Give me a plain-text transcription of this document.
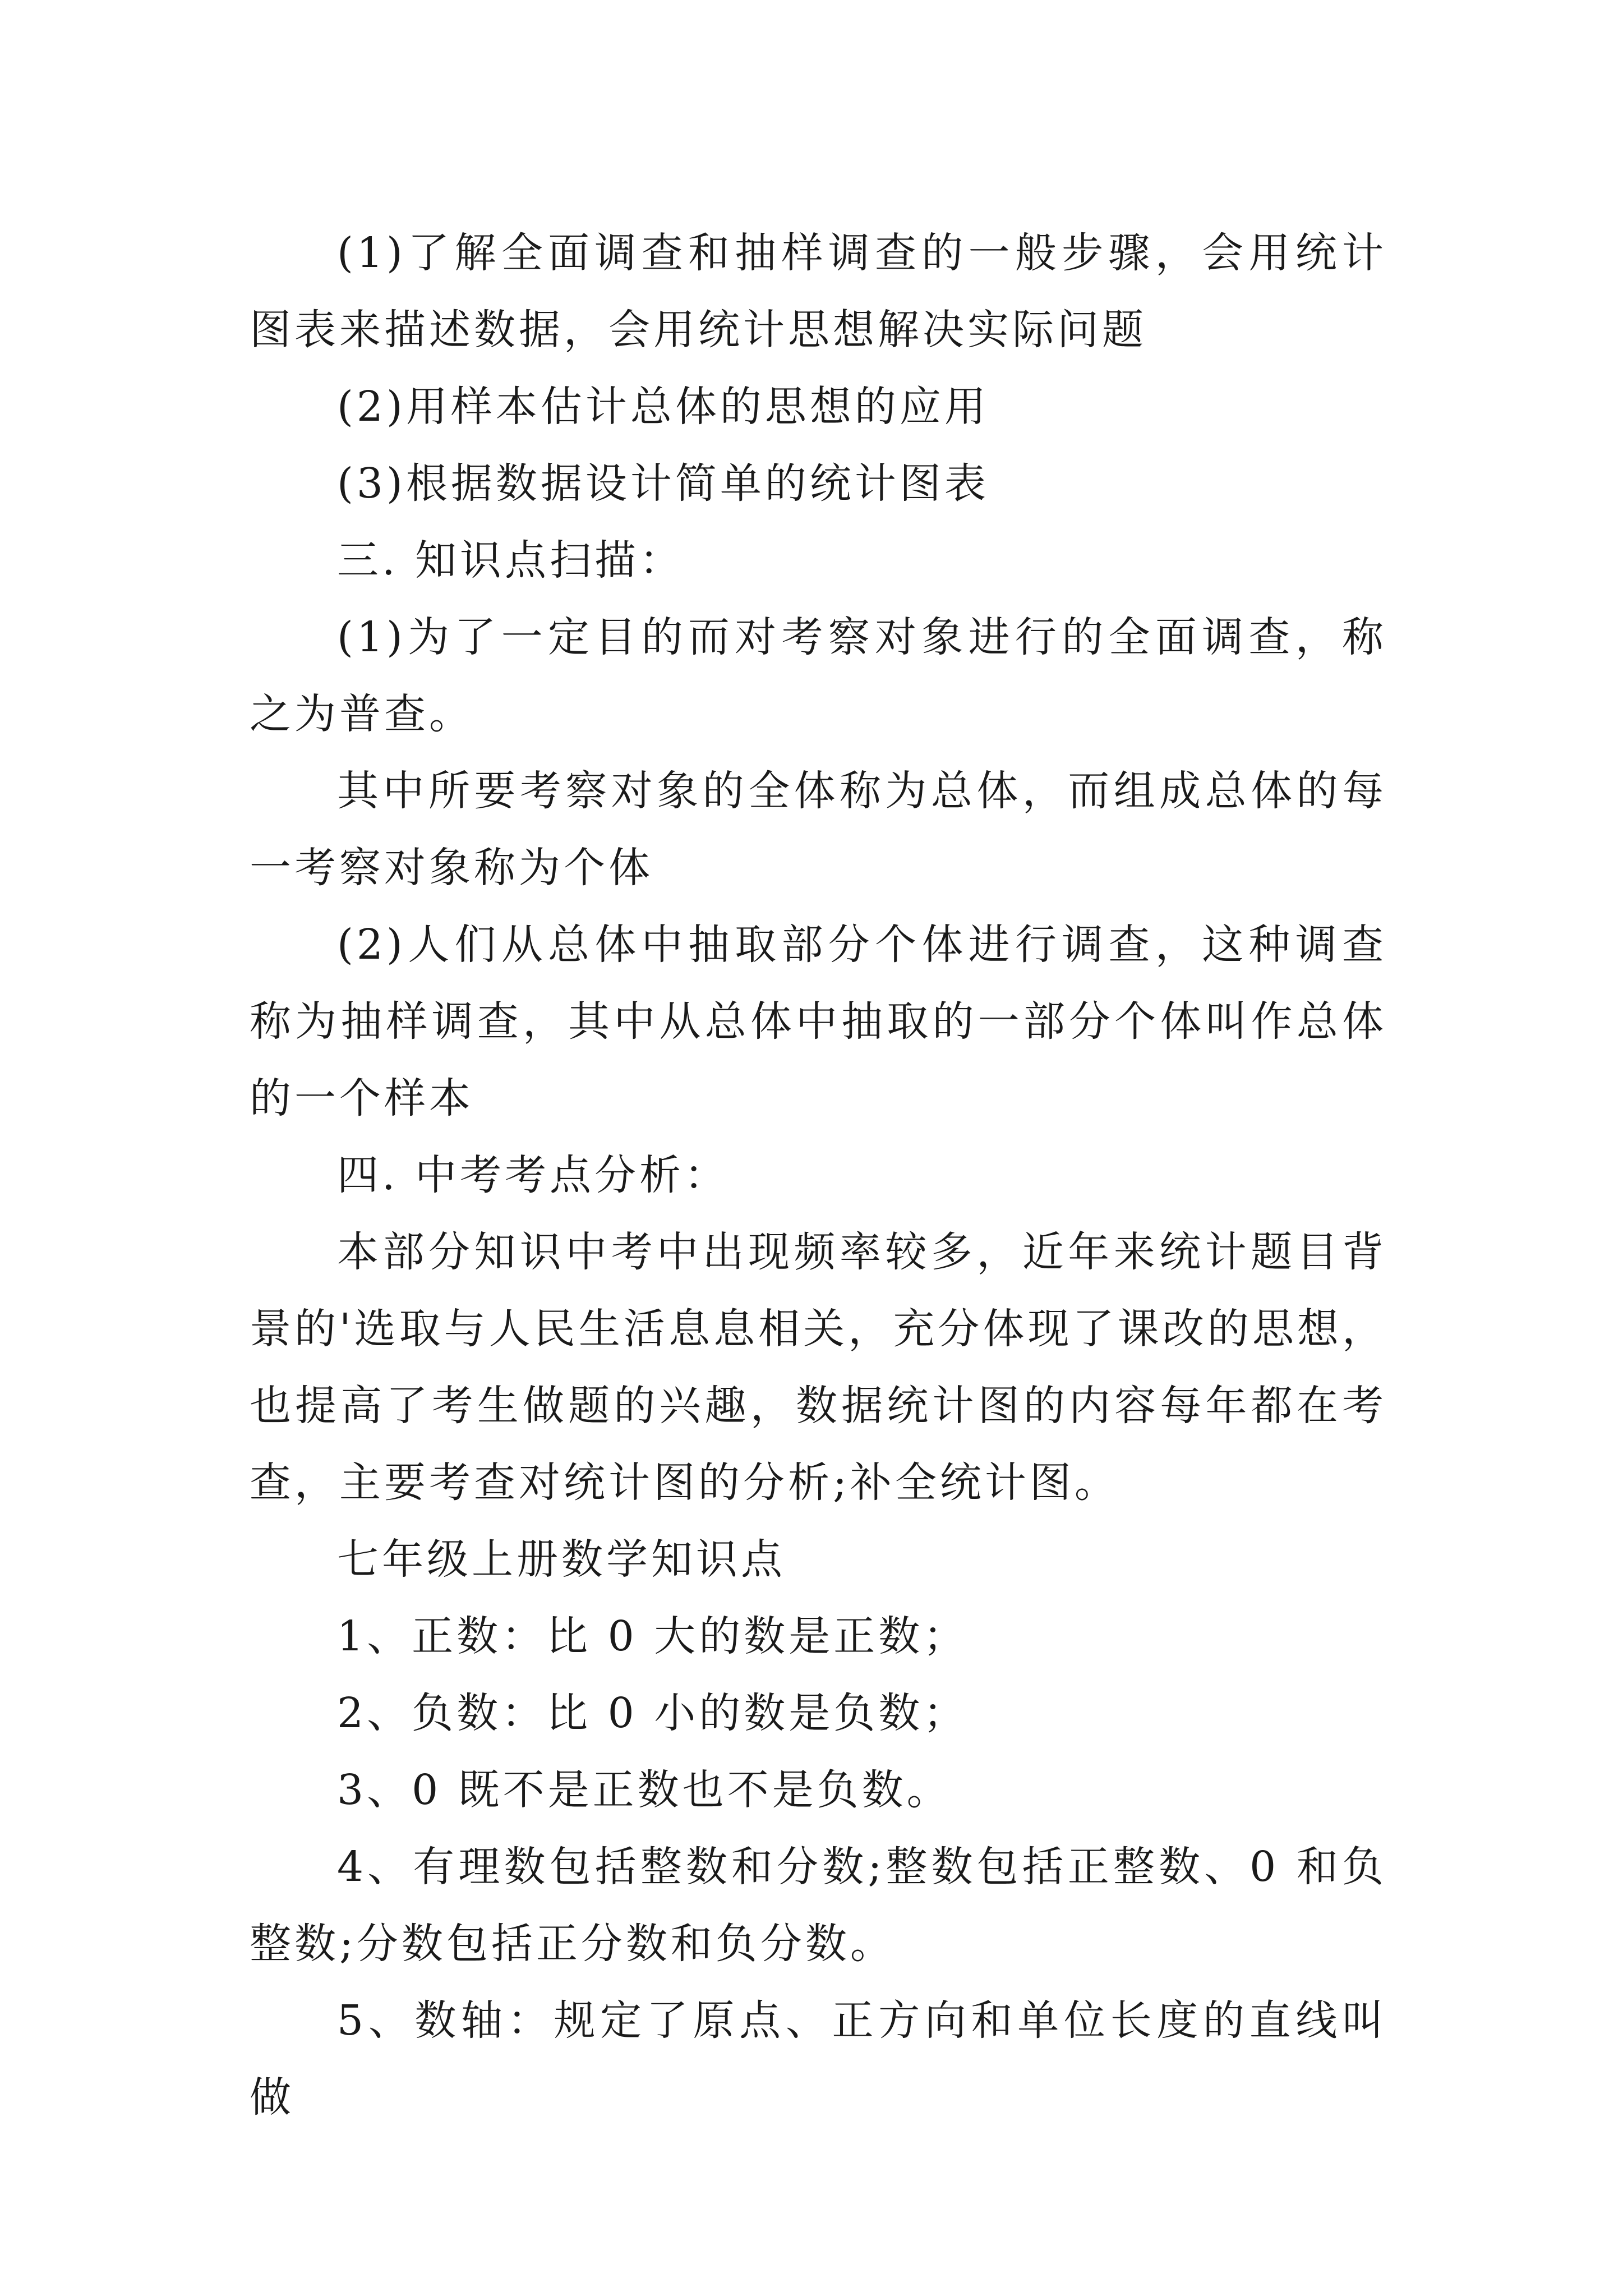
(1)了解全面调查和抽样调查的一般步骤，会用统计图表来描述数据，会用统计思想解决实际问题

(2)用样本估计总体的思想的应用

(3)根据数据设计简单的统计图表

三. 知识点扫描：

(1)为了一定目的而对考察对象进行的全面调查，称之为普查。

其中所要考察对象的全体称为总体，而组成总体的每一考察对象称为个体

(2)人们从总体中抽取部分个体进行调查，这种调查称为抽样调查，其中从总体中抽取的一部分个体叫作总体的一个样本

四. 中考考点分析：

本部分知识中考中出现频率较多，近年来统计题目背景的'选取与人民生活息息相关，充分体现了课改的思想，也提高了考生做题的兴趣，数据统计图的内容每年都在考查，主要考查对统计图的分析;补全统计图。

七年级上册数学知识点

1、正数：比 0 大的数是正数；

2、负数：比 0 小的数是负数；

3、0 既不是正数也不是负数。

4、有理数包括整数和分数;整数包括正整数、0 和负整数;分数包括正分数和负分数。

5、数轴：规定了原点、正方向和单位长度的直线叫做
